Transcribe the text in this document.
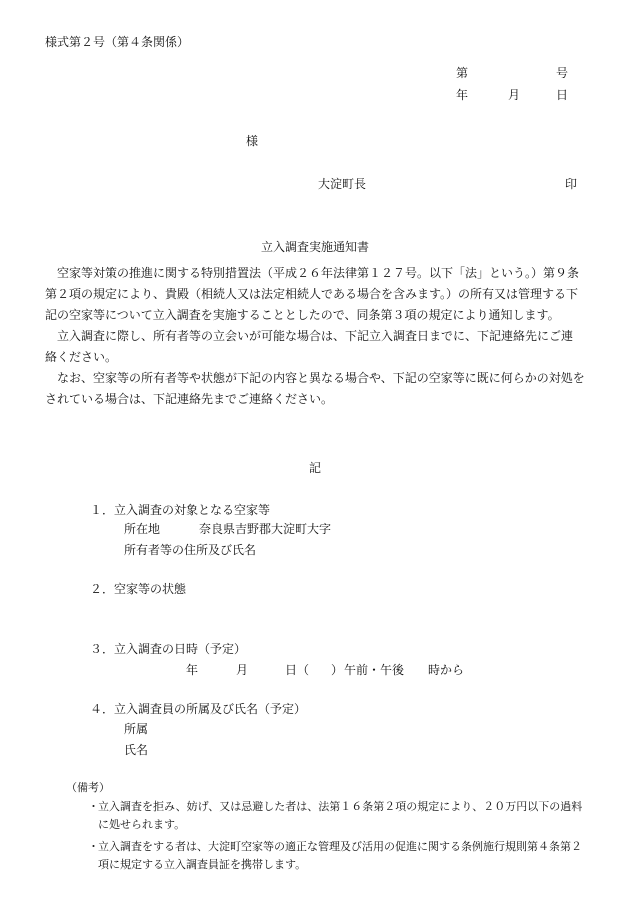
様式第２号（第４条関係）
第	号
年	月	日
様
大淀町長	印
立入調査実施通知書

　空家等対策の推進に関する特別措置法（平成２６年法律第１２７号。以下「法」という。）第９条第２項の規定により、貴殿（相続人又は法定相続人である場合を含みます。）の所有又は管理する下記の空家等について立入調査を実施することとしたので、同条第３項の規定により通知します。

　立入調査に際し、所有者等の立会いが可能な場合は、下記立入調査日までに、下記連絡先にご連絡ください。

　なお、空家等の所有者等や状態が下記の内容と異なる場合や、下記の空家等に既に何らかの対処をされている場合は、下記連絡先までご連絡ください。

記
１．立入調査の対象となる空家等
所在地	奈良県吉野郡大淀町大字
所有者等の住所及び氏名
２．空家等の状態
３．立入調査の日時（予定）
年	月	日（ ） 午前・午後 時から
４．立入調査員の所属及び氏名（予定）
所属
氏名
（備考）
・ 立入調査を拒み、妨げ、又は忌避した者は、法第１６条第２項の規定により、２０万円以下の過料に処せられます。
・ 立入調査をする者は、大淀町空家等の適正な管理及び活用の促進に関する条例施行規則第４条第２項に規定する立入調査員証を携帯します。
